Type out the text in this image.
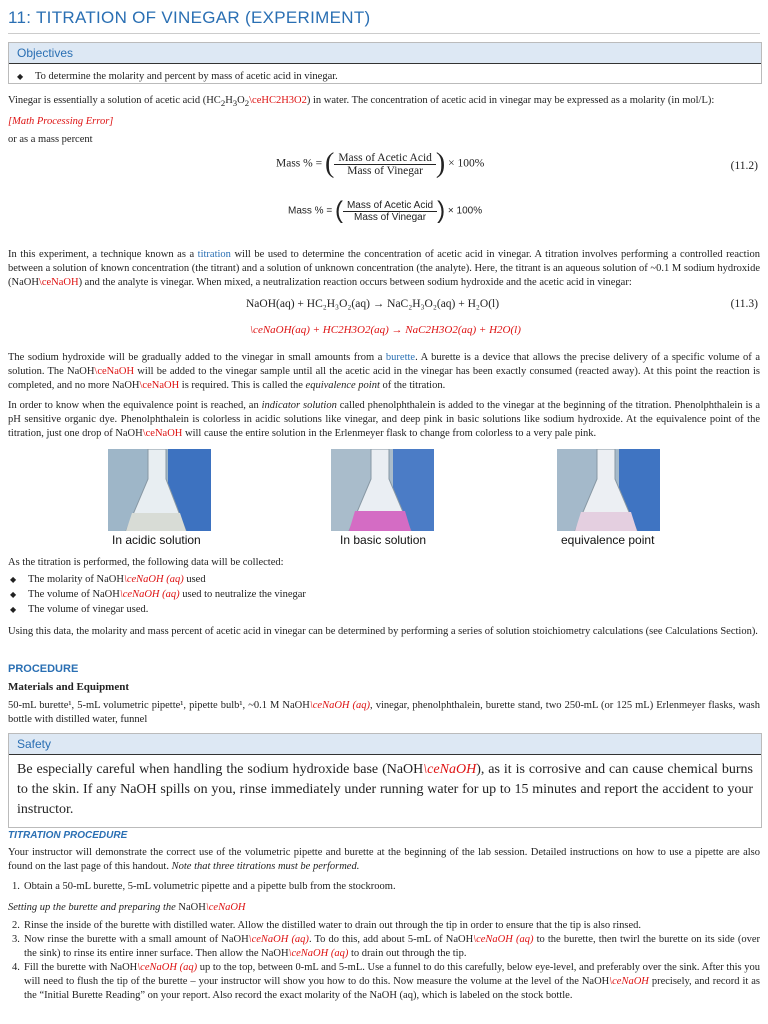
11: TITRATION OF VINEGAR (EXPERIMENT)
Objectives
◆ To determine the molarity and percent by mass of acetic acid in vinegar.
Vinegar is essentially a solution of acetic acid $(HC_2H_3O_2\backslash ceHC2H3O2)$ in water. The concentration of acetic acid in vinegar may be expressed as a molarity (in mol/L):
[Math Processing Error]
or as a mass percent
Mass % = ( $\frac{\text{Mass of Acetic Acid}}{\text{Mass of Vinegar}}$ ) × 100%	(11.2)
Mass % = ( $\frac{\text{Mass of Acetic Acid}}{\text{Mass of Vinegar}}$ ) × 100%
In this experiment, a technique known as a titration will be used to determine the concentration of acetic acid in vinegar. A titration involves performing a controlled reaction between a solution of known concentration (the titrant) and a solution of unknown concentration (the analyte). Here, the titrant is an aqueous solution of ~0.1 M sodium hydroxide (NaOH\ceNaOH) and the analyte is vinegar. When mixed, a neutralization reaction occurs between sodium hydroxide and the acetic acid in vinegar:
NaOH(aq) + HC₂H₃O₂(aq) → NaC₂H₃O₂(aq) + H₂O(l)	(11.3)
\ceNaOH(aq) + HC2H3O2(aq) → NaC2H3O2(aq) + H2O(l)
The sodium hydroxide will be gradually added to the vinegar in small amounts from a burette. A burette is a device that allows the precise delivery of a specific volume of a solution. The NaOH\ceNaOH will be added to the vinegar sample until all the acetic acid in the vinegar has been exactly consumed (reacted away). At this point the reaction is completed, and no more NaOH\ceNaOH is required. This is called the equivalence point of the titration.
In order to know when the equivalence point is reached, an indicator solution called phenolphthalein is added to the vinegar at the beginning of the titration. Phenolphthalein is a pH sensitive organic dye. Phenolphthalein is colorless in acidic solutions like vinegar, and deep pink in basic solutions like sodium hydroxide. At the equivalence point of the titration, just one drop of NaOH\ceNaOH will cause the entire solution in the Erlenmeyer flask to change from colorless to a very pale pink.
In acidic solution	In basic solution	equivalence point
As the titration is performed, the following data will be collected:
◆ The molarity of NaOH\ceNaOH (aq) used
◆ The volume of NaOH\ceNaOH (aq) used to neutralize the vinegar
◆ The volume of vinegar used.
Using this data, the molarity and mass percent of acetic acid in vinegar can be determined by performing a series of solution stoichiometry calculations (see Calculations Section).
PROCEDURE
Materials and Equipment
50-mL burette¹, 5-mL volumetric pipette¹, pipette bulb¹, ~0.1 M NaOH\ceNaOH (aq), vinegar, phenolphthalein, burette stand, two 250-mL (or 125 mL) Erlenmeyer flasks, wash bottle with distilled water, funnel
Safety
Be especially careful when handling the sodium hydroxide base (NaOH\ceNaOH), as it is corrosive and can cause chemical burns to the skin. If any NaOH spills on you, rinse immediately under running water for up to 15 minutes and report the accident to your instructor.
TITRATION PROCEDURE
Your instructor will demonstrate the correct use of the volumetric pipette and burette at the beginning of the lab session. Detailed instructions on how to use a pipette are also found on the last page of this handout. Note that three titrations must be performed.
1. Obtain a 50-mL burette, 5-mL volumetric pipette and a pipette bulb from the stockroom.
Setting up the burette and preparing the NaOH\ceNaOH
2. Rinse the inside of the burette with distilled water. Allow the distilled water to drain out through the tip in order to ensure that the tip is also rinsed.
3. Now rinse the burette with a small amount of NaOH\ceNaOH (aq). To do this, add about 5-mL of NaOH\ceNaOH (aq) to the burette, then twirl the burette on its side (over the sink) to rinse its entire inner surface. Then allow the NaOH\ceNaOH (aq) to drain out through the tip.
4. Fill the burette with NaOH\ceNaOH (aq) up to the top, between 0-mL and 5-mL. Use a funnel to do this carefully, below eye-level, and preferably over the sink. After this you will need to flush the tip of the burette – your instructor will show you how to do this. Now measure the volume at the level of the NaOH\ceNaOH precisely, and record it as the “Initial Burette Reading” on your report. Also record the exact molarity of the NaOH (aq), which is labeled on the stock bottle.
